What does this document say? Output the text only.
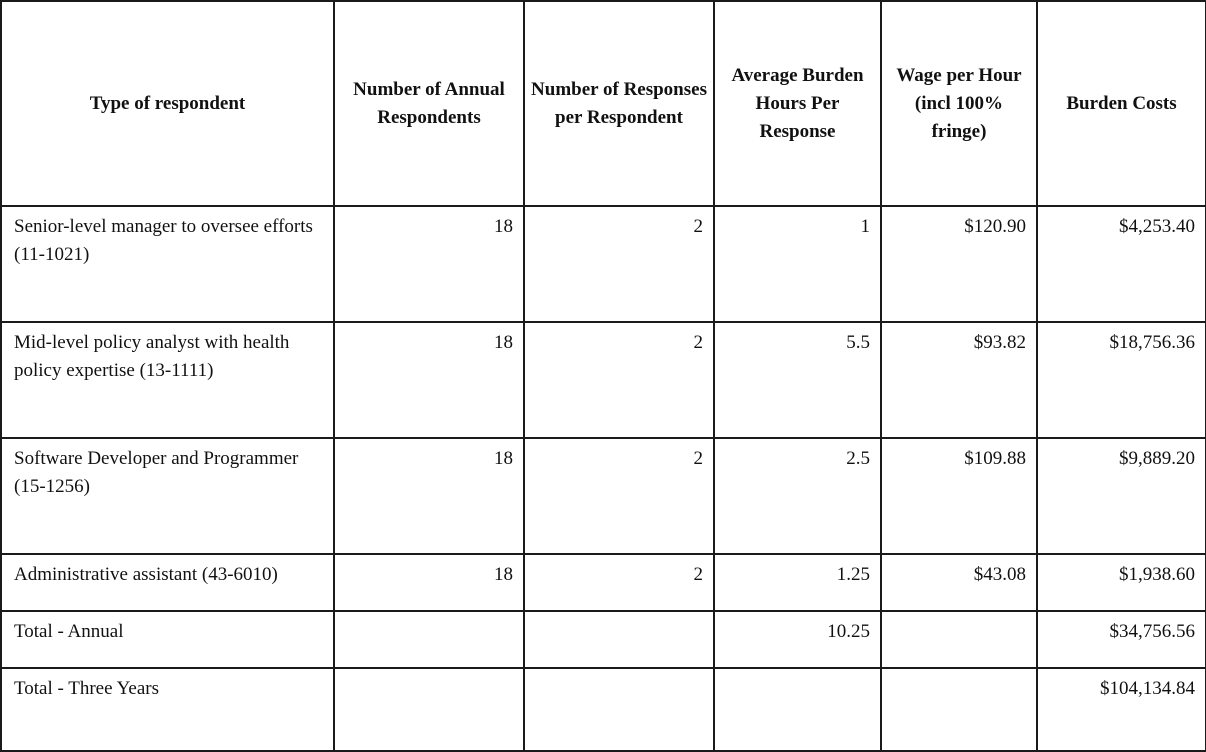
Type of respondent	Number of Annual Respondents	Number of Responses per Respondent	Average Burden Hours Per Response	Wage per Hour (incl 100% fringe)	Burden Costs
Senior-level manager to oversee efforts (11-1021)	18	2	1	$120.90	$4,253.40
Mid-level policy analyst with health policy expertise (13-1111)	18	2	5.5	$93.82	$18,756.36
Software Developer and Programmer (15-1256)	18	2	2.5	$109.88	$9,889.20
Administrative assistant (43-6010)	18	2	1.25	$43.08	$1,938.60
Total - Annual			10.25		$34,756.56
Total - Three Years					$104,134.84
